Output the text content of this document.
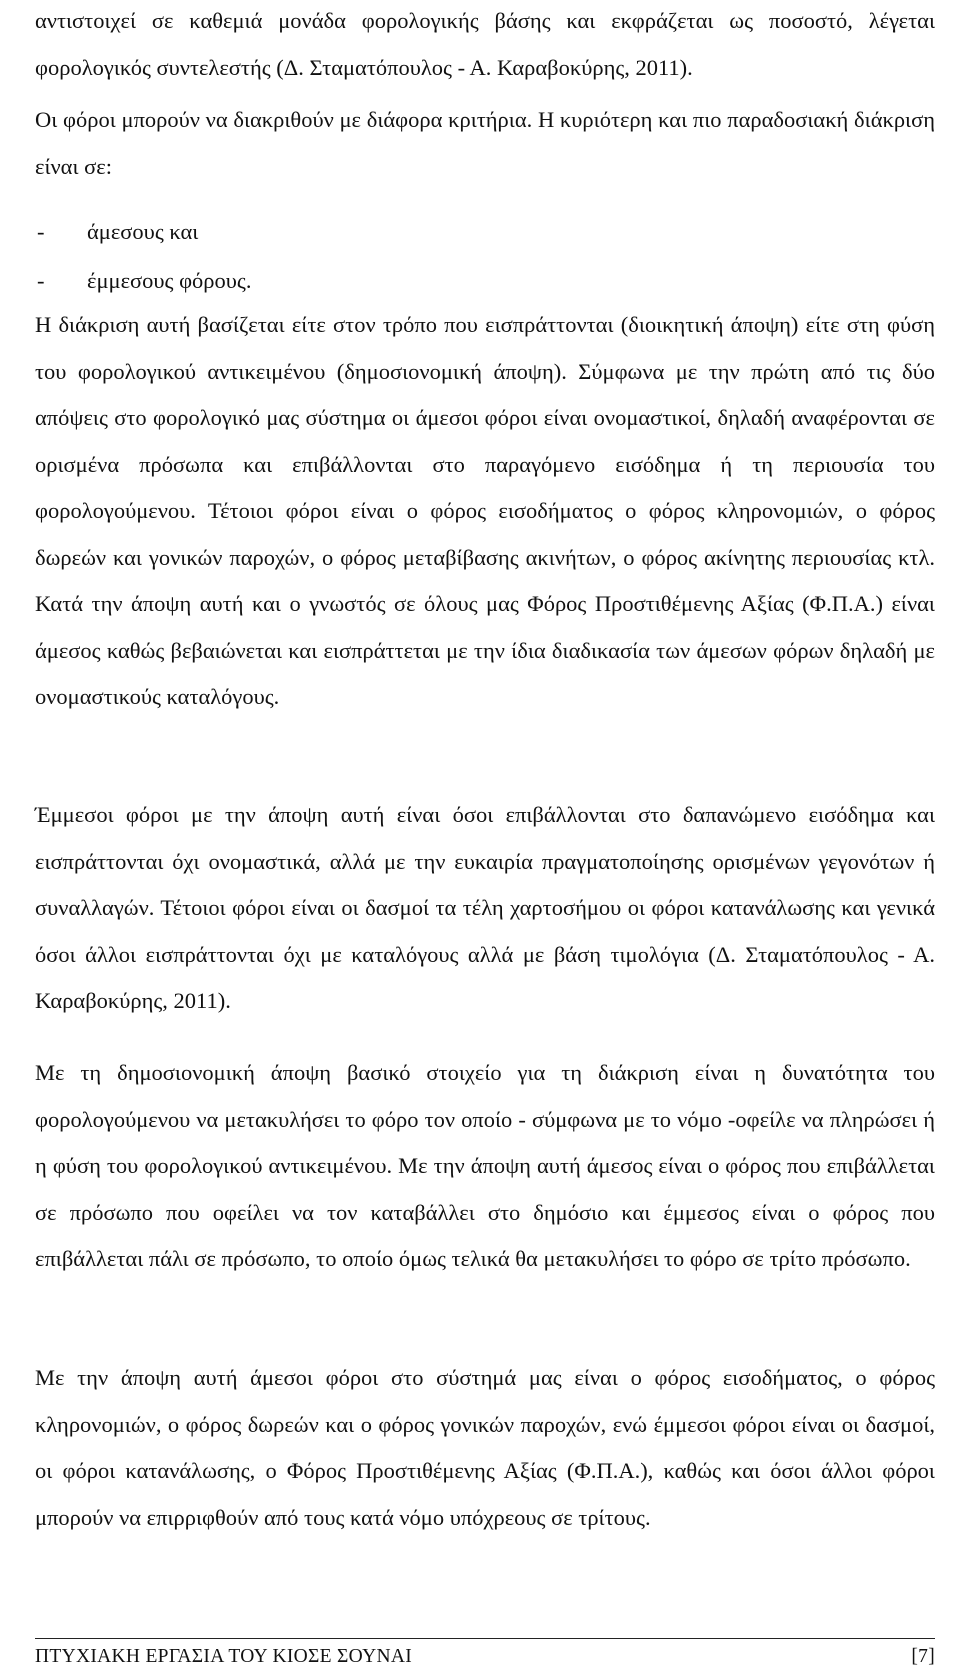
αντιστοιχεί σε καθεμιά μονάδα φορολογικής βάσης και εκφράζεται ως ποσοστό, λέγεται φορολογικός συντελεστής (Δ. Σταματόπουλος - Α. Καραβοκύρης, 2011).

Οι φόροι μπορούν να διακριθούν με διάφορα κριτήρια. Η κυριότερη και πιο παραδοσιακή διάκριση είναι σε:

-	άμεσους και
-	έμμεσους φόρους.

Η διάκριση αυτή βασίζεται είτε στον τρόπο που εισπράττονται (διοικητική άποψη) είτε στη φύση του φορολογικού αντικειμένου (δημοσιονομική άποψη). Σύμφωνα με την πρώτη από τις δύο απόψεις στο φορολογικό μας σύστημα οι άμεσοι φόροι είναι ονομαστικοί, δηλαδή αναφέρονται σε ορισμένα πρόσωπα και επιβάλλονται στο παραγόμενο εισόδημα ή τη περιουσία του φορολογούμενου. Τέτοιοι φόροι είναι ο φόρος εισοδήματος ο φόρος κληρονομιών, ο φόρος δωρεών και γονικών παροχών, ο φόρος μεταβίβασης ακινήτων, ο φόρος ακίνητης περιουσίας κτλ. Κατά την άποψη αυτή και ο γνωστός σε όλους μας Φόρος Προστιθέμενης Αξίας (Φ.Π.Α.) είναι άμεσος καθώς βεβαιώνεται και εισπράττεται με την ίδια διαδικασία των άμεσων φόρων δηλαδή με ονομαστικούς καταλόγους.

Έμμεσοι φόροι με την άποψη αυτή είναι όσοι επιβάλλονται στο δαπανώμενο εισόδημα και εισπράττονται όχι ονομαστικά, αλλά με την ευκαιρία πραγματοποίησης ορισμένων γεγονότων ή συναλλαγών. Τέτοιοι φόροι είναι οι δασμοί τα τέλη χαρτοσήμου οι φόροι κατανάλωσης και γενικά όσοι άλλοι εισπράττονται όχι με καταλόγους αλλά με βάση τιμολόγια (Δ. Σταματόπουλος - Α. Καραβοκύρης, 2011).

Με τη δημοσιονομική άποψη βασικό στοιχείο για τη διάκριση είναι η δυνατότητα του φορολογούμενου να μετακυλήσει το φόρο τον οποίο - σύμφωνα με το νόμο -οφείλε να πληρώσει ή η φύση του φορολογικού αντικειμένου. Με την άποψη αυτή άμεσος είναι ο φόρος που επιβάλλεται σε πρόσωπο που οφείλει να τον καταβάλλει στο δημόσιο και έμμεσος είναι ο φόρος που επιβάλλεται πάλι σε πρόσωπο, το οποίο όμως τελικά θα μετακυλήσει το φόρο σε τρίτο πρόσωπο.

Με την άποψη αυτή άμεσοι φόροι στο σύστημά μας είναι ο φόρος εισοδήματος, ο φόρος κληρονομιών, ο φόρος δωρεών και ο φόρος γονικών παροχών, ενώ έμμεσοι φόροι είναι οι δασμοί, οι φόροι κατανάλωσης, ο Φόρος Προστιθέμενης Αξίας (Φ.Π.Α.), καθώς και όσοι άλλοι φόροι μπορούν να επιρριφθούν από τους κατά νόμο υπόχρεους σε τρίτους.

ΠΤΥΧΙΑΚΗ ΕΡΓΑΣΙΑ ΤΟΥ ΚΙΟΣΕ ΣΟΥΝΑΙ	[7]
